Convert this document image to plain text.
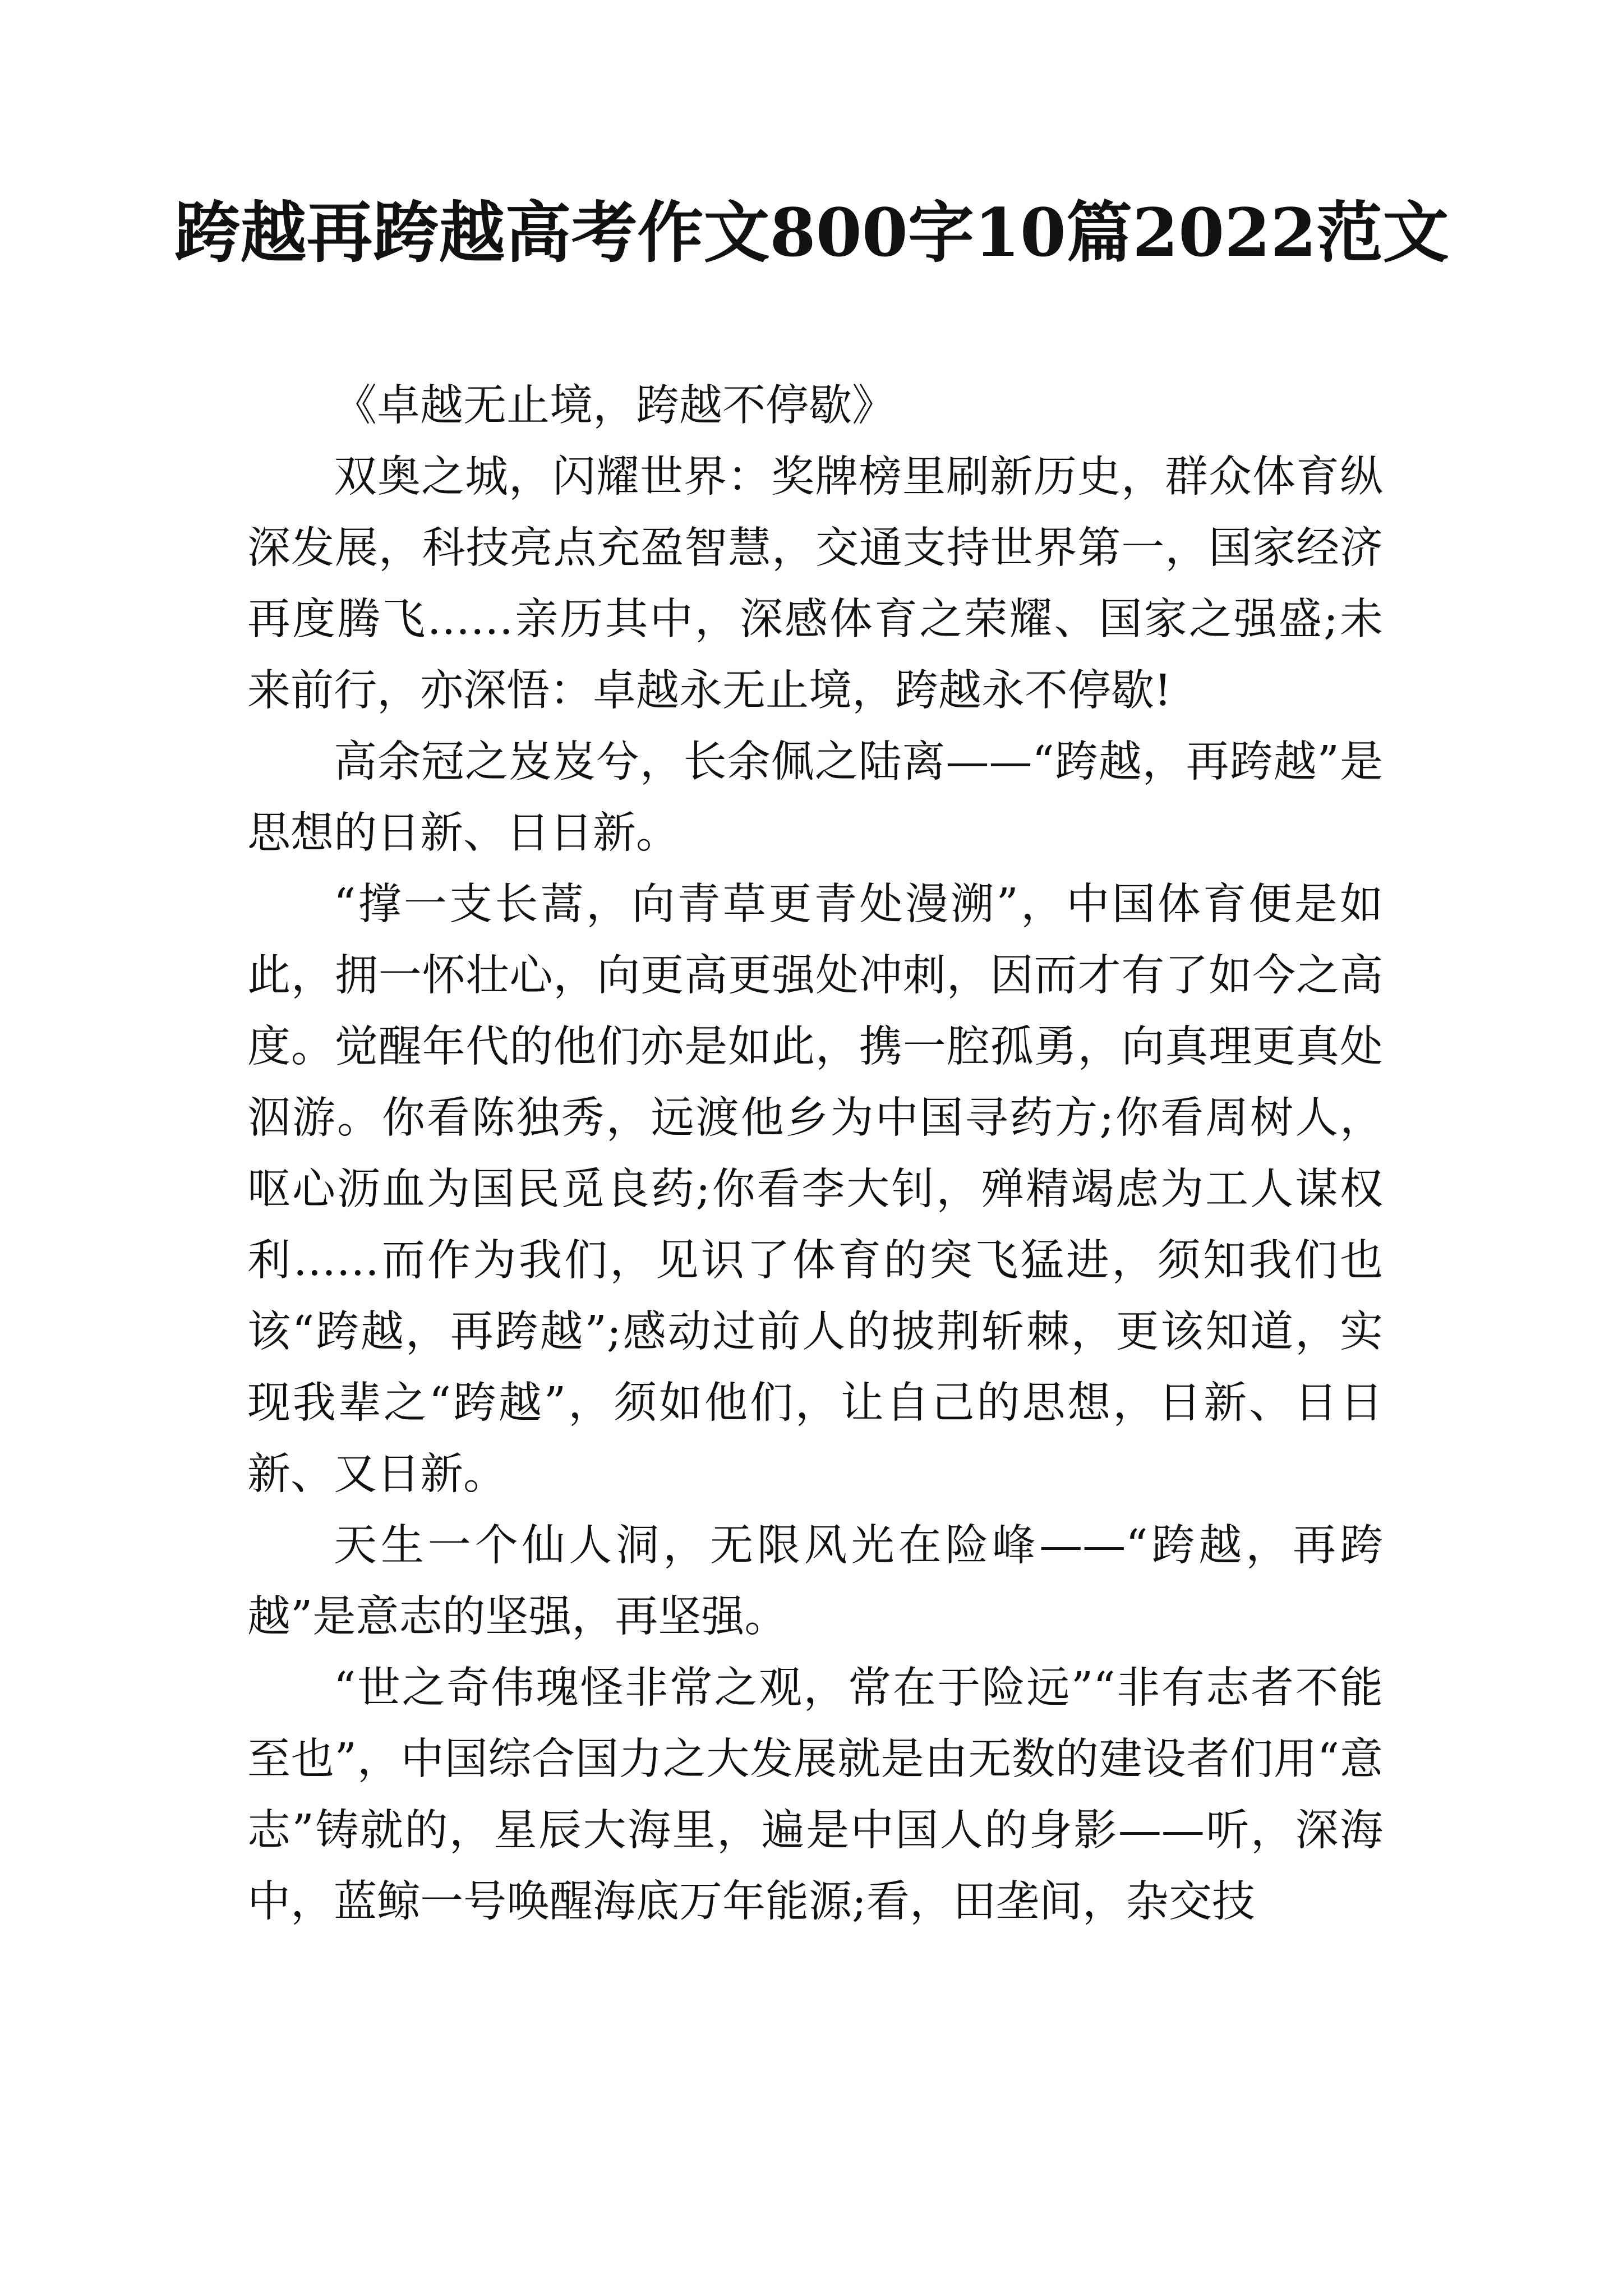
跨越再跨越高考作文800字10篇2022范文

《卓越无止境，跨越不停歇》

双奥之城，闪耀世界：奖牌榜里刷新历史，群众体育纵深发展，科技亮点充盈智慧，交通支持世界第一，国家经济再度腾飞……亲历其中，深感体育之荣耀、国家之强盛;未来前行，亦深悟：卓越永无止境，跨越永不停歇!

高余冠之岌岌兮，长余佩之陆离——“跨越，再跨越”是思想的日新、日日新。

“撑一支长蒿，向青草更青处漫溯”，中国体育便是如此，拥一怀壮心，向更高更强处冲刺，因而才有了如今之高度。觉醒年代的他们亦是如此，携一腔孤勇，向真理更真处泅游。你看陈独秀，远渡他乡为中国寻药方;你看周树人，呕心沥血为国民觅良药;你看李大钊，殚精竭虑为工人谋权利……而作为我们，见识了体育的突飞猛进，须知我们也该“跨越，再跨越”;感动过前人的披荆斩棘，更该知道，实现我辈之“跨越”，须如他们，让自己的思想，日新、日日新、又日新。

天生一个仙人洞，无限风光在险峰——“跨越，再跨越”是意志的坚强，再坚强。

“世之奇伟瑰怪非常之观，常在于险远”“非有志者不能至也”，中国综合国力之大发展就是由无数的建设者们用“意志”铸就的，星辰大海里，遍是中国人的身影——听，深海中，蓝鲸一号唤醒海底万年能源;看，田垄间，杂交技
